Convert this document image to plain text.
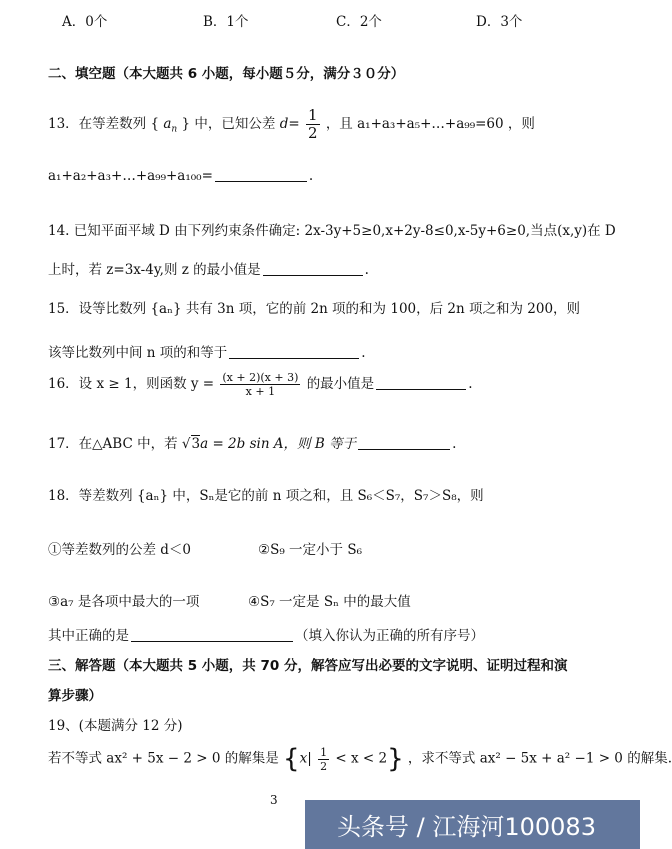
A．0个	B．1个	C．2个	D．3个
二、填空题（本大题共 6 小题，每小题５分，满分３０分）
13．在等差数列 { $a_n$ } 中，已知公差 $d= \frac{1}{2}$ ，且 a₁+a₃+a₅+…+a₉₉=60 ，则
a₁+a₂+a₃+…+a₉₉+a₁₀₀=	.
14. 已知平面平域 D 由下列约束条件确定: 2x-3y+5≥0,x+2y-8≤0,x-5y+6≥0,当点(x,y)在 D
上时，若 z=3x-4y,则 z 的最小值是	.
15．设等比数列 {aₙ} 共有 3n 项，它的前 2n 项的和为 100，后 2n 项之和为 200，则
该等比数列中间 n 项的和等于	.
16．设 x ≥ 1，则函数 $y = \frac{(x + 2)(x + 3)}{x + 1}$ 的最小值是	.
17．在△ABC 中，若 √3a = 2b sin A，则 B 等于	.
18．等差数列 {aₙ} 中，Sₙ是它的前 n 项之和，且 S₆＜S₇，S₇＞S₈，则
①等差数列的公差 d＜0	②S₉ 一定小于 S₆
③a₇ 是各项中最大的一项	④S₇ 一定是 Sₙ 中的最大值
其中正确的是	（填入你认为正确的所有序号）
三、解答题（本大题共 5 小题，共 70 分，解答应写出必要的文字说明、证明过程和演
算步骤）
19、(本题满分 12 分)
若不等式 ax² + 5x − 2 > 0 的解集是 $\{x| \frac{1}{2} < x < 2\}$ ，求不等式 ax² − 5x + a² −1 > 0 的解集.
3
头条号 / 江海河100083
